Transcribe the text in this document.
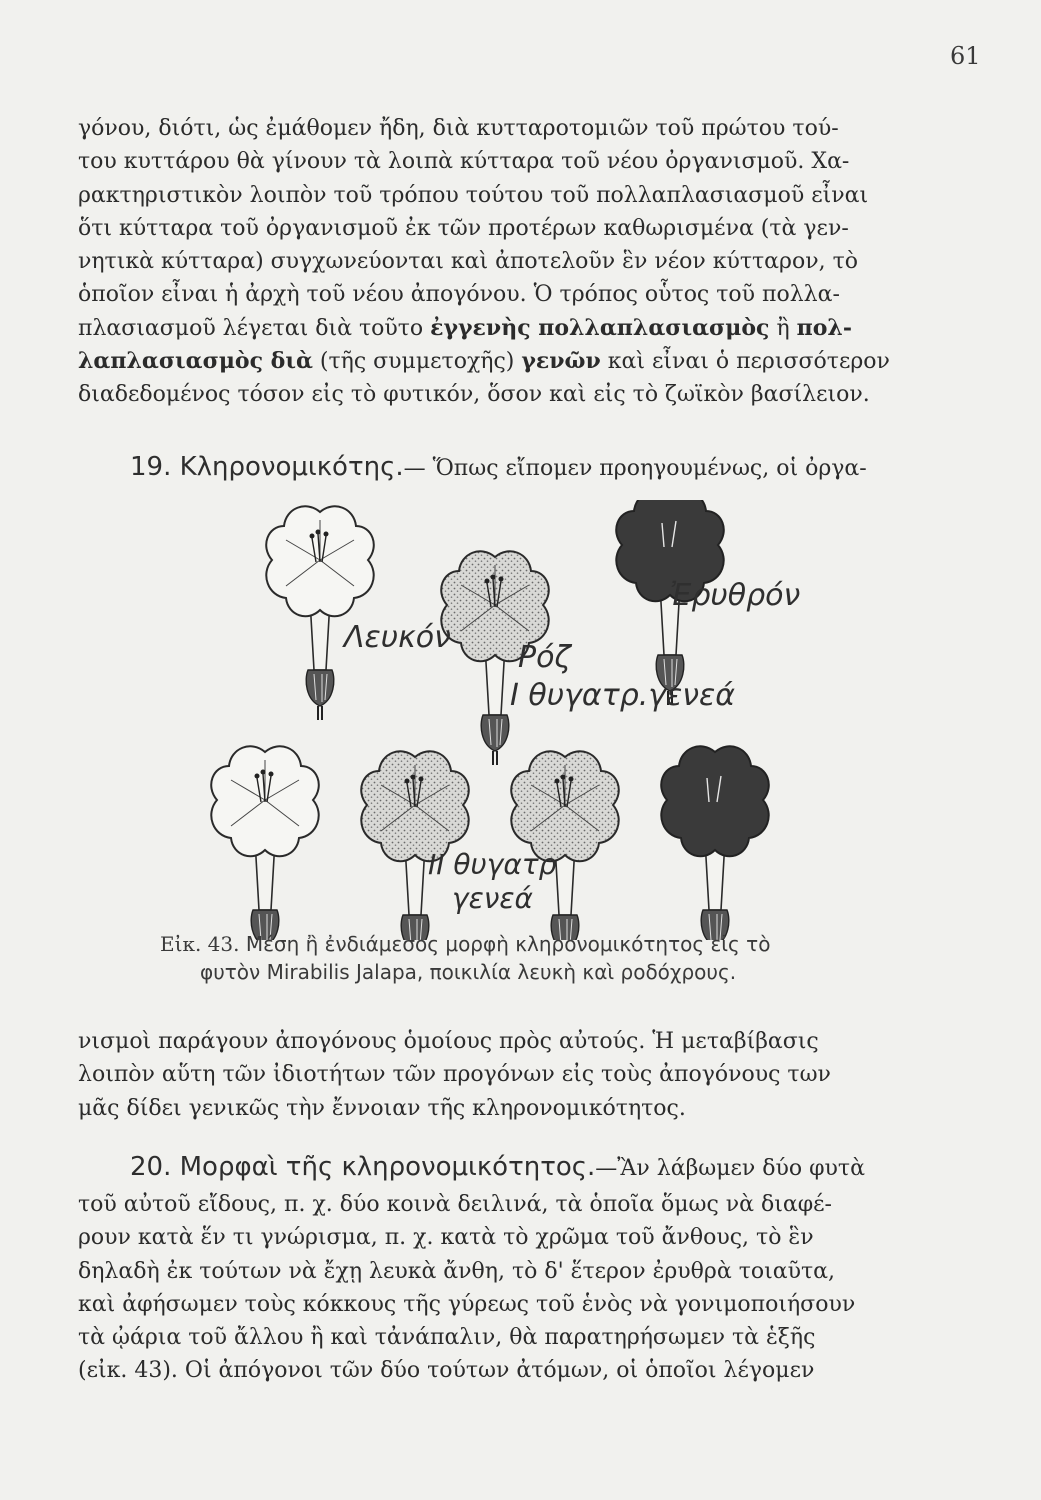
61

γόνου, διότι, ὡς ἐμάθομεν ἤδη, διὰ κυτταροτομιῶν τοῦ πρώτου τού-
του κυττάρου θὰ γίνουν τὰ λοιπὰ κύτταρα τοῦ νέου ὀργανισμοῦ. Χα-
ρακτηριστικὸν λοιπὸν τοῦ τρόπου τούτου τοῦ πολλαπλασιασμοῦ εἶναι
ὅτι κύτταρα τοῦ ὀργανισμοῦ ἐκ τῶν προτέρων καθωρισμένα (τὰ γεν-
νητικὰ κύτταρα) συγχωνεύονται καὶ ἀποτελοῦν ἓν νέον κύτταρον, τὸ
ὁποῖον εἶναι ἡ ἀρχὴ τοῦ νέου ἀπογόνου. Ὁ τρόπος οὗτος τοῦ πολλα-
πλασιασμοῦ λέγεται διὰ τοῦτο ἐγγενὴς πολλαπλασιασμὸς ἢ πολ-
λαπλασιασμὸς διὰ (τῆς συμμετοχῆς) γενῶν καὶ εἶναι ὁ περισσότερον
διαδεδομένος τόσον εἰς τὸ φυτικόν, ὅσον καὶ εἰς τὸ ζωϊκὸν βασίλειον.

19. Κληρονομικότης.— Ὅπως εἴπομεν προηγουμένως, οἱ ὀργα-
Λευκόν
Ρόζ
Ἐρυθρόν
I θυγατρ.γενεά
II θυγατρ
γενεά
Εἰκ. 43. Μέση ἢ ἐνδιάμεσος μορφὴ κληρονομικότητος εἰς τὸ
φυτὸν Mirabilis Jalapa, ποικιλία λευκὴ καὶ ροδόχρους.

νισμοὶ παράγουν ἀπογόνους ὁμοίους πρὸς αὐτούς. Ἡ μεταβίβασις
λοιπὸν αὕτη τῶν ἰδιοτήτων τῶν προγόνων εἰς τοὺς ἀπογόνους των
μᾶς δίδει γενικῶς τὴν ἔννοιαν τῆς κληρονομικότητος.

20. Μορφαὶ τῆς κληρονομικότητος.—Ἂν λάβωμεν δύο φυτὰ

τοῦ αὐτοῦ εἴδους, π. χ. δύο κοινὰ δειλινά, τὰ ὁποῖα ὅμως νὰ διαφέ-
ρουν κατὰ ἕν τι γνώρισμα, π. χ. κατὰ τὸ χρῶμα τοῦ ἄνθους, τὸ ἓν
δηλαδὴ ἐκ τούτων νὰ ἔχῃ λευκὰ ἄνθη, τὸ δ' ἕτερον ἐρυθρὰ τοιαῦτα,
καὶ ἀφήσωμεν τοὺς κόκκους τῆς γύρεως τοῦ ἑνὸς νὰ γονιμοποιήσουν
τὰ ᾠάρια τοῦ ἄλλου ἢ καὶ τἀνάπαλιν, θὰ παρατηρήσωμεν τὰ ἑξῆς
(εἰκ. 43). Οἱ ἀπόγονοι τῶν δύο τούτων ἀτόμων, οἱ ὁποῖοι λέγομεν
